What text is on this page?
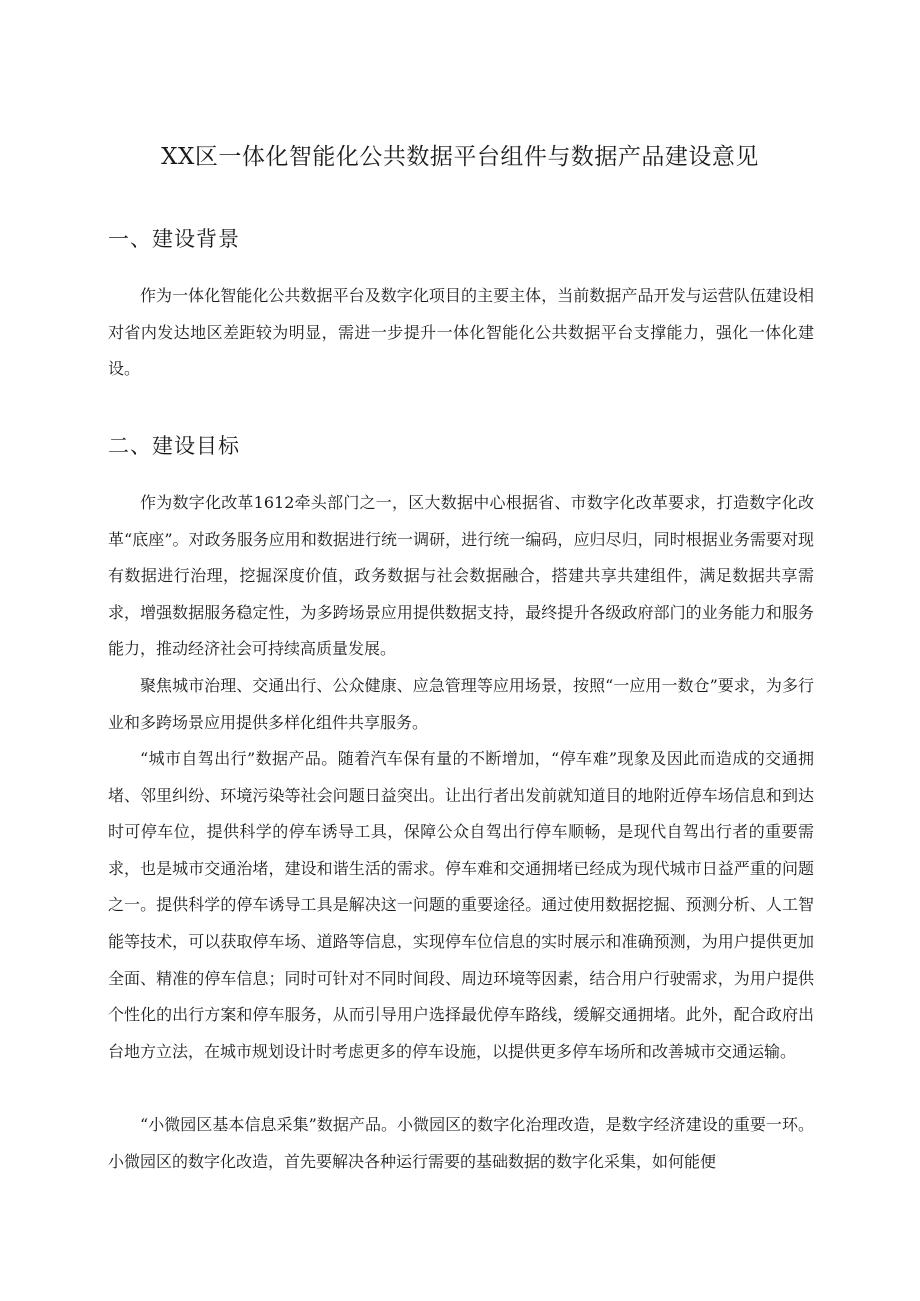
XX区一体化智能化公共数据平台组件与数据产品建设意见
一、建设背景

作为一体化智能化公共数据平台及数字化项目的主要主体，当前数据产品开发与运营队伍建设相对省内发达地区差距较为明显，需进一步提升一体化智能化公共数据平台支撑能力，强化一体化建设。

二、建设目标

作为数字化改革1612牵头部门之一，区大数据中心根据省、市数字化改革要求，打造数字化改革“底座”。对政务服务应用和数据进行统一调研，进行统一编码，应归尽归，同时根据业务需要对现有数据进行治理，挖掘深度价值，政务数据与社会数据融合，搭建共享共建组件，满足数据共享需求，增强数据服务稳定性，为多跨场景应用提供数据支持，最终提升各级政府部门的业务能力和服务能力，推动经济社会可持续高质量发展。

聚焦城市治理、交通出行、公众健康、应急管理等应用场景，按照“一应用一数仓”要求，为多行业和多跨场景应用提供多样化组件共享服务。

“城市自驾出行”数据产品。随着汽车保有量的不断增加，“停车难”现象及因此而造成的交通拥堵、邻里纠纷、环境污染等社会问题日益突出。让出行者出发前就知道目的地附近停车场信息和到达时可停车位，提供科学的停车诱导工具，保障公众自驾出行停车顺畅，是现代自驾出行者的重要需求，也是城市交通治堵，建设和谐生活的需求。停车难和交通拥堵已经成为现代城市日益严重的问题之一。提供科学的停车诱导工具是解决这一问题的重要途径。通过使用数据挖掘、预测分析、人工智能等技术，可以获取停车场、道路等信息，实现停车位信息的实时展示和准确预测，为用户提供更加全面、精准的停车信息；同时可针对不同时间段、周边环境等因素，结合用户行驶需求，为用户提供个性化的出行方案和停车服务，从而引导用户选择最优停车路线，缓解交通拥堵。此外，配合政府出台地方立法，在城市规划设计时考虑更多的停车设施，以提供更多停车场所和改善城市交通运输。

“小微园区基本信息采集”数据产品。小微园区的数字化治理改造，是数字经济建设的重要一环。小微园区的数字化改造，首先要解决各种运行需要的基础数据的数字化采集，如何能便
